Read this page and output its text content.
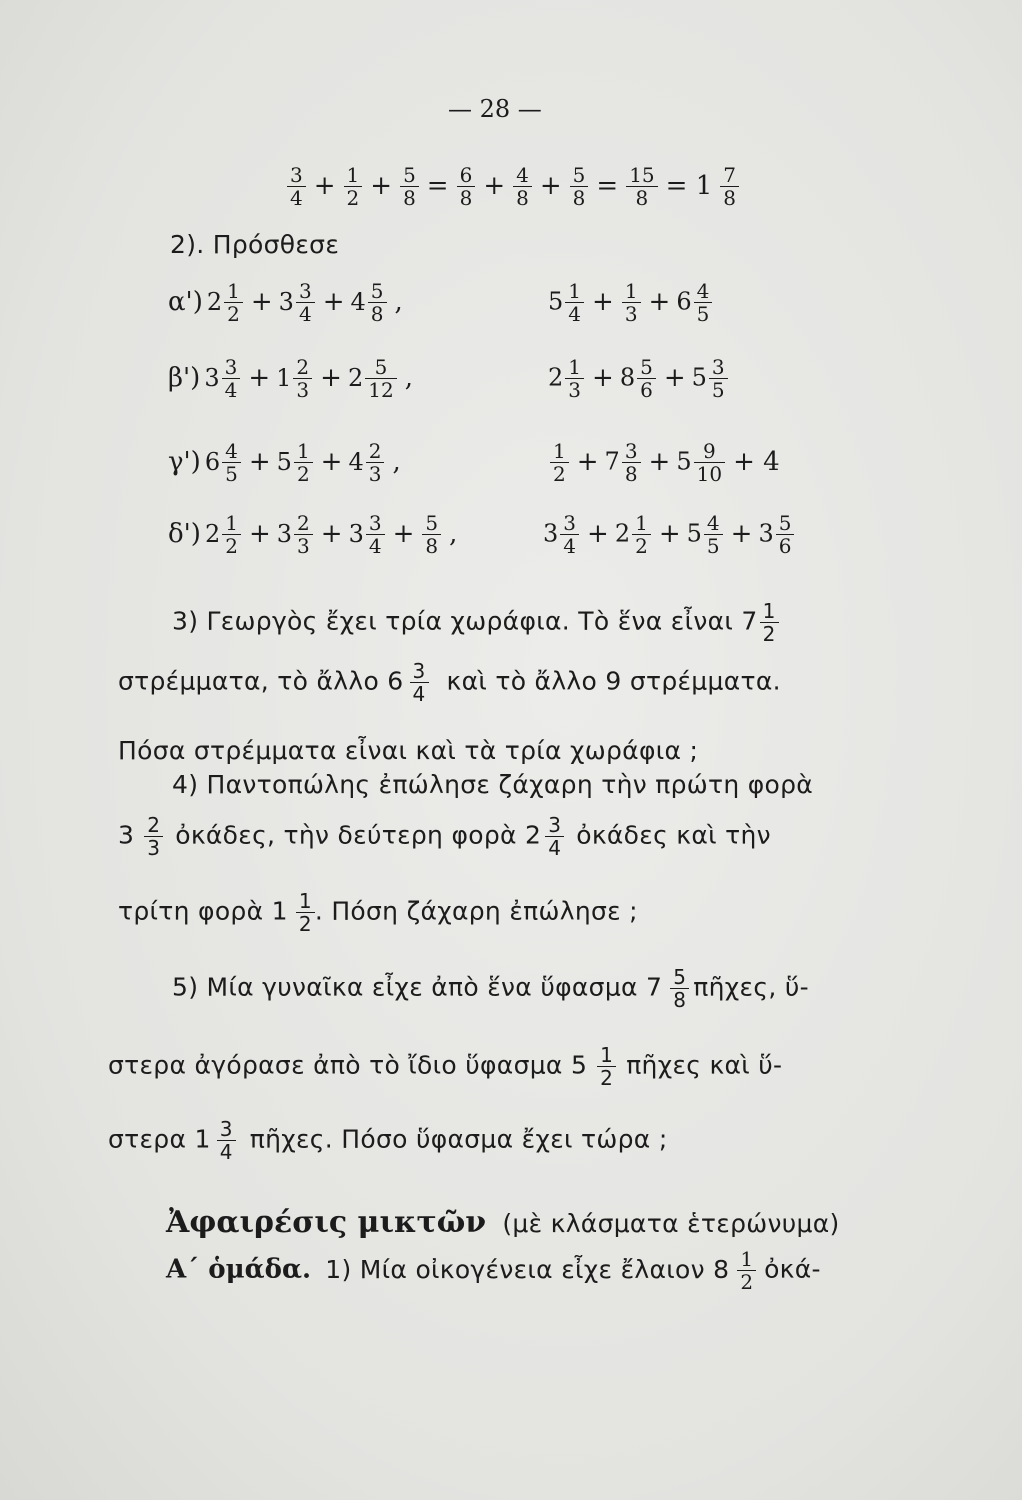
— 28 —
$\frac{3}{4} + \frac{1}{2} + \frac{5}{8} = \frac{6}{8} + \frac{4}{8} + \frac{5}{8} = \frac{15}{8} = 1 \frac{7}{8}$
2). Πρόσθεσε
α') $2 \frac{1}{2} + 3 \frac{3}{4} + 4 \frac{5}{8}$ ,	$5 \frac{1}{4} + \frac{1}{3} + 6 \frac{4}{5}$
β') $3 \frac{3}{4} + 1 \frac{2}{3} + 2 \frac{5}{12}$ ,	$2 \frac{1}{3} + 8 \frac{5}{6} + 5 \frac{3}{5}$
γ') $6 \frac{4}{5} + 5 \frac{1}{2} + 4 \frac{2}{3}$ ,	$\frac{1}{2} + 7 \frac{3}{8} + 5 \frac{9}{10} + 4$
δ') $2 \frac{1}{2} + 3 \frac{2}{3} + 3 \frac{3}{4} + \frac{5}{8}$ ,	$3 \frac{3}{4} + 2 \frac{1}{2} + 5 \frac{4}{5} + 3 \frac{5}{6}$
3) Γεωργὸς ἔχει τρία χωράφια. Τὸ ἕνα εἶναι $7 \frac{1}{2}$
στρέμματα, τὸ ἄλλο $6 \frac{3}{4}$ καὶ τὸ ἄλλο 9 στρέμματα.
Πόσα στρέμματα εἶναι καὶ τὰ τρία χωράφια ;
4) Παντοπώλης ἐπώλησε ζάχαρη τὴν πρώτη φορὰ
$3 \frac{2}{3}$ ὀκάδες, τὴν δεύτερη φορὰ $2 \frac{3}{4}$ ὀκάδες καὶ τὴν
τρίτη φορὰ $1 \frac{1}{2}$ . Πόση ζάχαρη ἐπώλησε ;
5) Μία γυναῖκα εἶχε ἀπὸ ἕνα ὕφασμα $7 \frac{5}{8}$ πῆχες, ὕ-
στερα ἀγόρασε ἀπὸ τὸ ἴδιο ὕφασμα $5 \frac{1}{2}$ πῆχες καὶ ὕ-
στερα $1 \frac{3}{4}$ πῆχες. Πόσο ὕφασμα ἔχει τώρα ;
Ἀφαιρέσις μικτῶν (μὲ κλάσματα ἑτερώνυμα)
Α΄ ὁμάδα. 1) Μία οἰκογένεια εἶχε ἔλαιον $8 \frac{1}{2}$ ὀκά-
